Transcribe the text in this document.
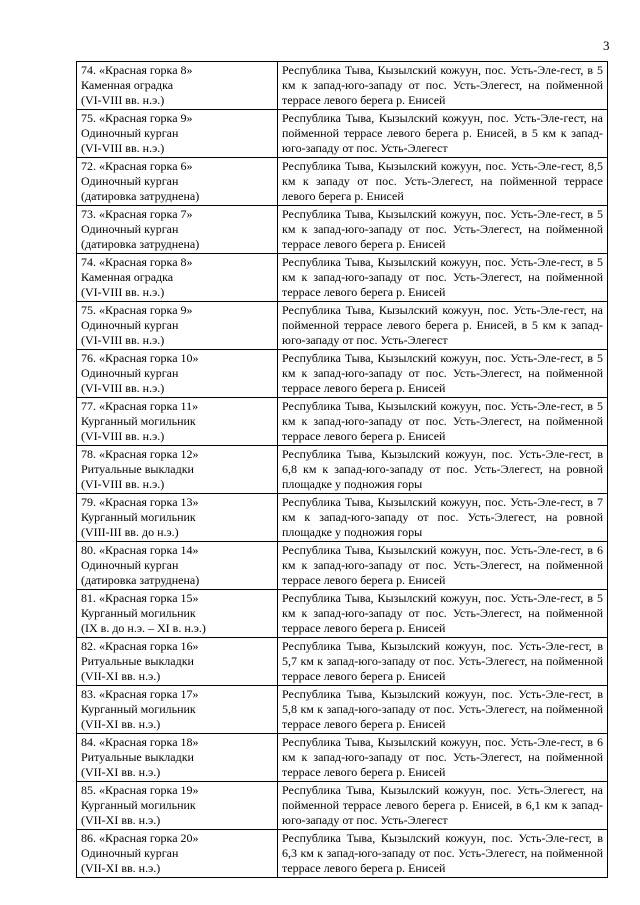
3
74. «Красная горка 8»
Каменная оградка
(VI-VIII вв. н.э.)	Республика Тыва, Кызылский кожуун, пос. Усть-Эле-гест, в 5 км к запад-юго-западу от пос. Усть-Элегест, на пойменной террасе левого берега р. Енисей
75. «Красная горка 9»
Одиночный курган
(VI-VIII вв. н.э.)	Республика Тыва, Кызылский кожуун, пос. Усть-Эле-гест, на пойменной террасе левого берега р. Енисей, в 5 км к запад-юго-западу от пос. Усть-Элегест
72. «Красная горка 6»
Одиночный курган
(датировка затруднена)	Республика Тыва, Кызылский кожуун, пос. Усть-Эле-гест, 8,5 км к западу от пос. Усть-Элегест, на пойменной террасе левого берега р. Енисей
73. «Красная горка 7»
Одиночный курган
(датировка затруднена)	Республика Тыва, Кызылский кожуун, пос. Усть-Эле-гест, в 5 км к запад-юго-западу от пос. Усть-Элегест, на пойменной террасе левого берега р. Енисей
74. «Красная горка 8»
Каменная оградка
(VI-VIII вв. н.э.)	Республика Тыва, Кызылский кожуун, пос. Усть-Эле-гест, в 5 км к запад-юго-западу от пос. Усть-Элегест, на пойменной террасе левого берега р. Енисей
75. «Красная горка 9»
Одиночный курган
(VI-VIII вв. н.э.)	Республика Тыва, Кызылский кожуун, пос. Усть-Эле-гест, на пойменной террасе левого берега р. Енисей, в 5 км к запад-юго-западу от пос. Усть-Элегест
76. «Красная горка 10»
Одиночный курган
(VI-VIII вв. н.э.)	Республика Тыва, Кызылский кожуун, пос. Усть-Эле-гест, в 5 км к запад-юго-западу от пос. Усть-Элегест, на пойменной террасе левого берега р. Енисей
77. «Красная горка 11»
Курганный могильник
(VI-VIII вв. н.э.)	Республика Тыва, Кызылский кожуун, пос. Усть-Эле-гест, в 5 км к запад-юго-западу от пос. Усть-Элегест, на пойменной террасе левого берега р. Енисей
78. «Красная горка 12»
Ритуальные выкладки
(VI-VIII вв. н.э.)	Республика Тыва, Кызылский кожуун, пос. Усть-Эле-гест, в 6,8 км к запад-юго-западу от пос. Усть-Элегест, на ровной площадке у подножия горы
79. «Красная горка 13»
Курганный могильник
(VIII-III вв. до н.э.)	Республика Тыва, Кызылский кожуун, пос. Усть-Эле-гест, в 7 км к запад-юго-западу от пос. Усть-Элегест, на ровной площадке у подножия горы
80. «Красная горка 14»
Одиночный курган
(датировка затруднена)	Республика Тыва, Кызылский кожуун, пос. Усть-Эле-гест, в 6 км к запад-юго-западу от пос. Усть-Элегест, на пойменной террасе левого берега р. Енисей
81. «Красная горка 15»
Курганный могильник
(IX в. до н.э. – XI в. н.э.)	Республика Тыва, Кызылский кожуун, пос. Усть-Эле-гест, в 5 км к запад-юго-западу от пос. Усть-Элегест, на пойменной террасе левого берега р. Енисей
82. «Красная горка 16»
Ритуальные выкладки
(VII-XI вв. н.э.)	Республика Тыва, Кызылский кожуун, пос. Усть-Эле-гест, в 5,7 км к запад-юго-западу от пос. Усть-Элегест, на пойменной террасе левого берега р. Енисей
83. «Красная горка 17»
Курганный могильник
(VII-XI вв. н.э.)	Республика Тыва, Кызылский кожуун, пос. Усть-Эле-гест, в 5,8 км к запад-юго-западу от пос. Усть-Элегест, на пойменной террасе левого берега р. Енисей
84. «Красная горка 18»
Ритуальные выкладки
(VII-XI вв. н.э.)	Республика Тыва, Кызылский кожуун, пос. Усть-Эле-гест, в 6 км к запад-юго-западу от пос. Усть-Элегест, на пойменной террасе левого берега р. Енисей
85. «Красная горка 19»
Курганный могильник
(VII-XI вв. н.э.)	Республика Тыва, Кызылский кожуун, пос. Усть-Элегест, на пойменной террасе левого берега р. Енисей, в 6,1 км к запад-юго-западу от пос. Усть-Элегест
86. «Красная горка 20»
Одиночный курган
(VII-XI вв. н.э.)	Республика Тыва, Кызылский кожуун, пос. Усть-Эле-гест, в 6,3 км к запад-юго-западу от пос. Усть-Элегест, на пойменной террасе левого берега р. Енисей
